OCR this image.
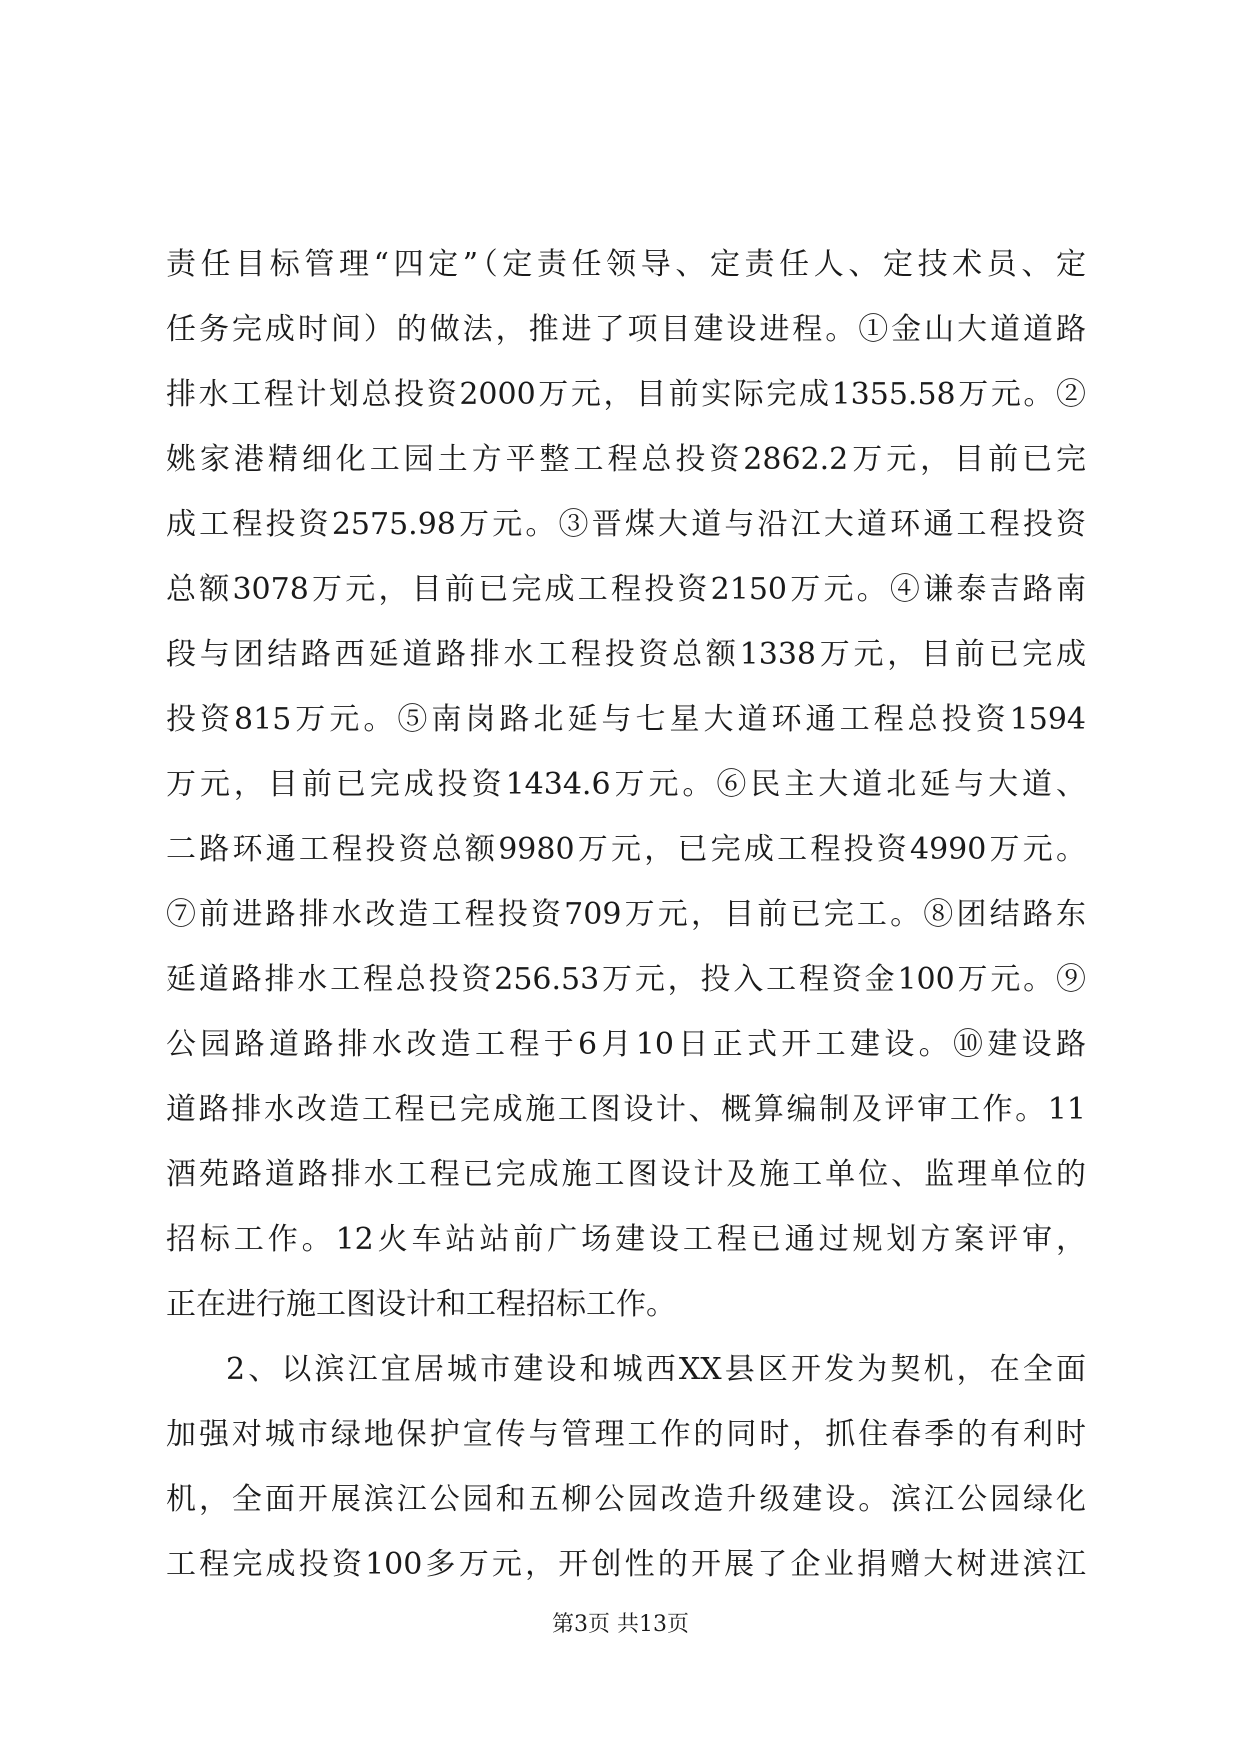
责任目标管理“四定”（定责任领导、定责任人、定技术员、定
任务完成时间）的做法，推进了项目建设进程。①金山大道道路
排水工程计划总投资2000万元，目前实际完成1355.58万元。②
姚家港精细化工园土方平整工程总投资2862.2万元，目前已完
成工程投资2575.98万元。③晋煤大道与沿江大道环通工程投资
总额3078万元，目前已完成工程投资2150万元。④谦泰吉路南
段与团结路西延道路排水工程投资总额1338万元，目前已完成
投资815万元。⑤南岗路北延与七星大道环通工程总投资1594
万元，目前已完成投资1434.6万元。⑥民主大道北延与大道、
二路环通工程投资总额9980万元，已完成工程投资4990万元。
⑦前进路排水改造工程投资709万元，目前已完工。⑧团结路东
延道路排水工程总投资256.53万元，投入工程资金100万元。⑨
公园路道路排水改造工程于6月10日正式开工建设。⑩建设路
道路排水改造工程已完成施工图设计、概算编制及评审工作。11
酒苑路道路排水工程已完成施工图设计及施工单位、监理单位的
招标工作。12火车站站前广场建设工程已通过规划方案评审，
正在进行施工图设计和工程招标工作。
2、以滨江宜居城市建设和城西XX县区开发为契机，在全面
加强对城市绿地保护宣传与管理工作的同时，抓住春季的有利时
机，全面开展滨江公园和五柳公园改造升级建设。滨江公园绿化
工程完成投资100多万元，开创性的开展了企业捐赠大树进滨江
第3页 共13页
